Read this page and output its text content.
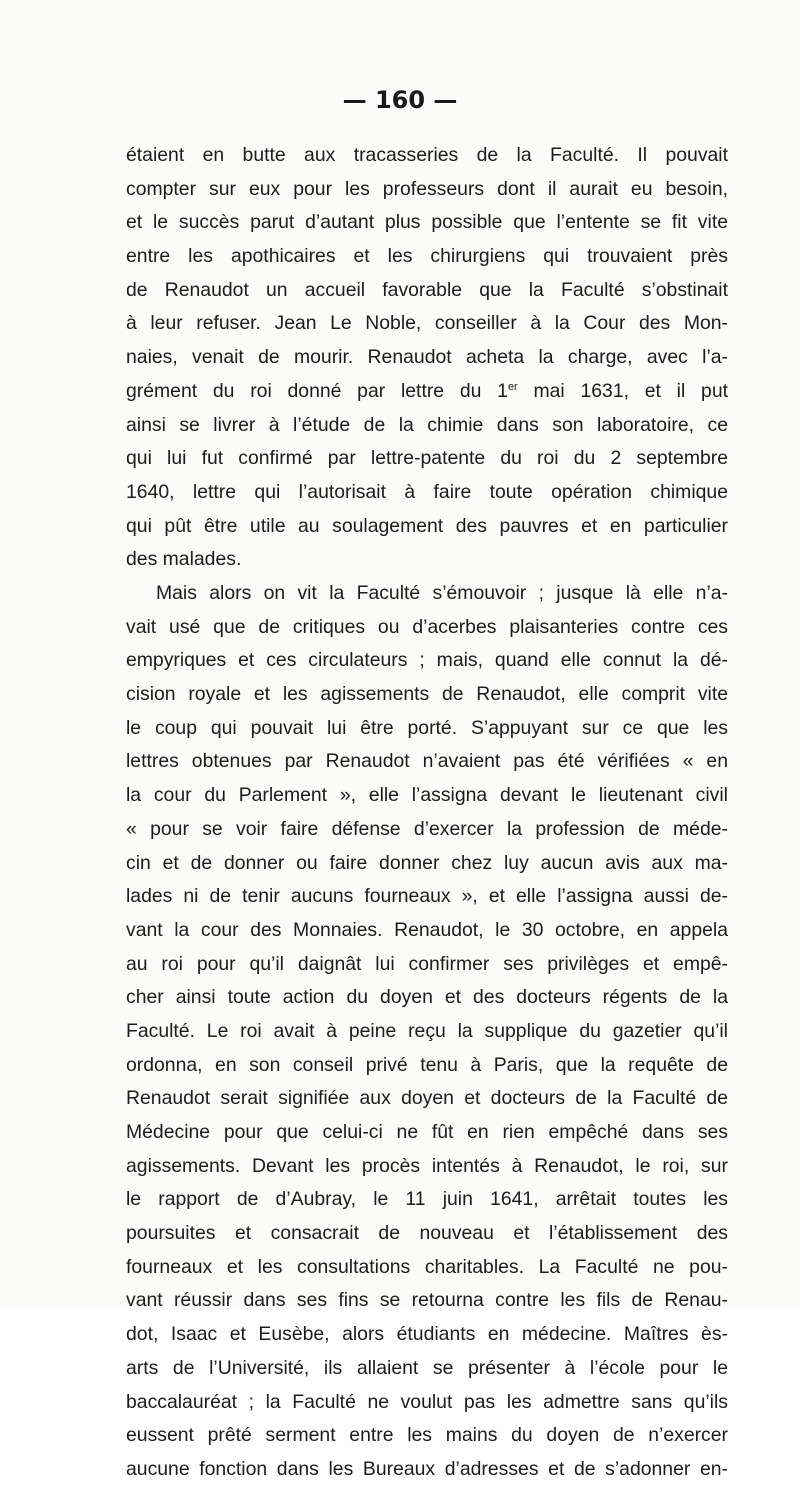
— 160 —
étaient en butte aux tracasseries de la Faculté. Il pouvait
compter sur eux pour les professeurs dont il aurait eu besoin,
et le succès parut d’autant plus possible que l’entente se fit vite
entre les apothicaires et les chirurgiens qui trouvaient près
de Renaudot un accueil favorable que la Faculté s’obstinait
à leur refuser. Jean Le Noble, conseiller à la Cour des Mon-
naies, venait de mourir. Renaudot acheta la charge, avec l’a-
grément du roi donné par lettre du 1er mai 1631, et il put
ainsi se livrer à l’étude de la chimie dans son laboratoire, ce
qui lui fut confirmé par lettre-patente du roi du 2 septembre
1640, lettre qui l’autorisait à faire toute opération chimique
qui pût être utile au soulagement des pauvres et en particulier
des malades.
Mais alors on vit la Faculté s’émouvoir ; jusque là elle n’a-
vait usé que de critiques ou d’acerbes plaisanteries contre ces
empyriques et ces circulateurs ; mais, quand elle connut la dé-
cision royale et les agissements de Renaudot, elle comprit vite
le coup qui pouvait lui être porté. S’appuyant sur ce que les
lettres obtenues par Renaudot n’avaient pas été vérifiées « en
la cour du Parlement », elle l’assigna devant le lieutenant civil
« pour se voir faire défense d’exercer la profession de méde-
cin et de donner ou faire donner chez luy aucun avis aux ma-
lades ni de tenir aucuns fourneaux », et elle l’assigna aussi de-
vant la cour des Monnaies. Renaudot, le 30 octobre, en appela
au roi pour qu’il daignât lui confirmer ses privilèges et empê-
cher ainsi toute action du doyen et des docteurs régents de la
Faculté. Le roi avait à peine reçu la supplique du gazetier qu’il
ordonna, en son conseil privé tenu à Paris, que la requête de
Renaudot serait signifiée aux doyen et docteurs de la Faculté de
Médecine pour que celui-ci ne fût en rien empêché dans ses
agissements. Devant les procès intentés à Renaudot, le roi, sur
le rapport de d’Aubray, le 11 juin 1641, arrêtait toutes les
poursuites et consacrait de nouveau et l’établissement des
fourneaux et les consultations charitables. La Faculté ne pou-
vant réussir dans ses fins se retourna contre les fils de Renau-
dot, Isaac et Eusèbe, alors étudiants en médecine. Maîtres ès-
arts de l’Université, ils allaient se présenter à l’école pour le
baccalauréat ; la Faculté ne voulut pas les admettre sans qu’ils
eussent prêté serment entre les mains du doyen de n’exercer
aucune fonction dans les Bureaux d’adresses et de s’adonner en-
